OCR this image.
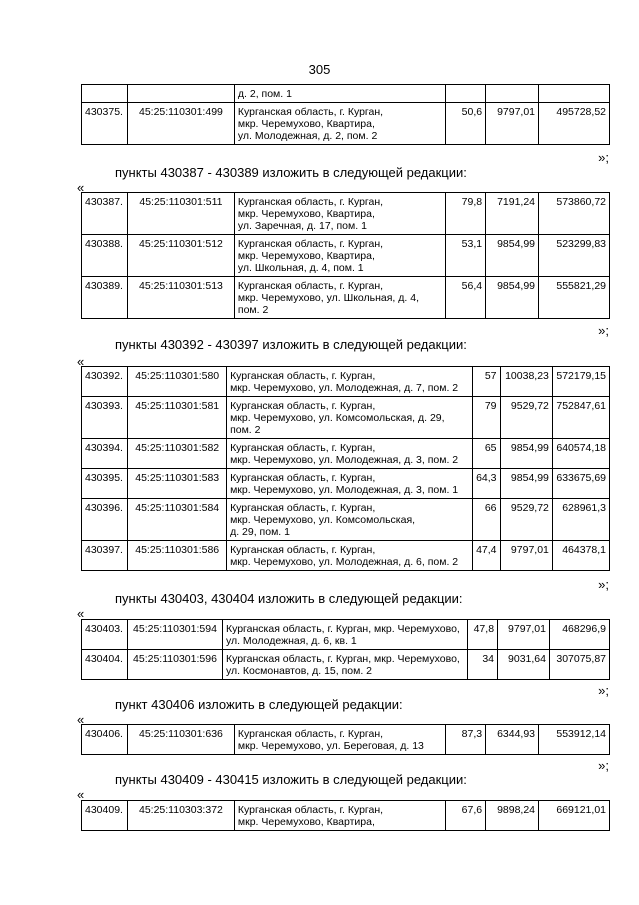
305

		д. 2, пом. 1			

430375.	45:25:110301:499	Курганская область, г. Курган,
мкр. Черемухово, Квартира,
ул. Молодежная, д. 2, пом. 2	50,6	9797,01	495728,52
»;
пункты 430387 - 430389 изложить в следующей редакции:
«
430387.	45:25:110301:511	Курганская область, г. Курган,
мкр. Черемухово, Квартира,
ул. Заречная, д. 17, пом. 1	79,8	7191,24	573860,72
430388.	45:25:110301:512	Курганская область, г. Курган,
мкр. Черемухово, Квартира,
ул. Школьная, д. 4, пом. 1	53,1	9854,99	523299,83
430389.	45:25:110301:513	Курганская область, г. Курган,
мкр. Черемухово, ул. Школьная, д. 4,
пом. 2	56,4	9854,99	555821,29
»;
пункты 430392 - 430397 изложить в следующей редакции:
«
430392.	45:25:110301:580	Курганская область, г. Курган,
мкр. Черемухово, ул. Молодежная, д. 7, пом. 2	57	10038,23	572179,15
430393.	45:25:110301:581	Курганская область, г. Курган,
мкр. Черемухово, ул. Комсомольская, д. 29,
пом. 2	79	9529,72	752847,61
430394.	45:25:110301:582	Курганская область, г. Курган,
мкр. Черемухово, ул. Молодежная, д. 3, пом. 2	65	9854,99	640574,18
430395.	45:25:110301:583	Курганская область, г. Курган,
мкр. Черемухово, ул. Молодежная, д. 3, пом. 1	64,3	9854,99	633675,69
430396.	45:25:110301:584	Курганская область, г. Курган,
мкр. Черемухово, ул. Комсомольская,
д. 29, пом. 1	66	9529,72	628961,3
430397.	45:25:110301:586	Курганская область, г. Курган,
мкр. Черемухово, ул. Молодежная, д. 6, пом. 2	47,4	9797,01	464378,1
»;
пункты 430403, 430404 изложить в следующей редакции:
«
430403.	45:25:110301:594	Курганская область, г. Курган, мкр. Черемухово,
ул. Молодежная, д. 6, кв. 1	47,8	9797,01	468296,9
430404.	45:25:110301:596	Курганская область, г. Курган, мкр. Черемухово,
ул. Космонавтов, д. 15, пом. 2	34	9031,64	307075,87
»;
пункт 430406 изложить в следующей редакции:
«
430406.	45:25:110301:636	Курганская область, г. Курган,
мкр. Черемухово, ул. Береговая, д. 13
	87,3	6344,93	553912,14
»;
пункты 430409 - 430415 изложить в следующей редакции:
«
430409.	45:25:110303:372	Курганская область, г. Курган,
мкр. Черемухово, Квартира,
	67,6	9898,24	669121,01
